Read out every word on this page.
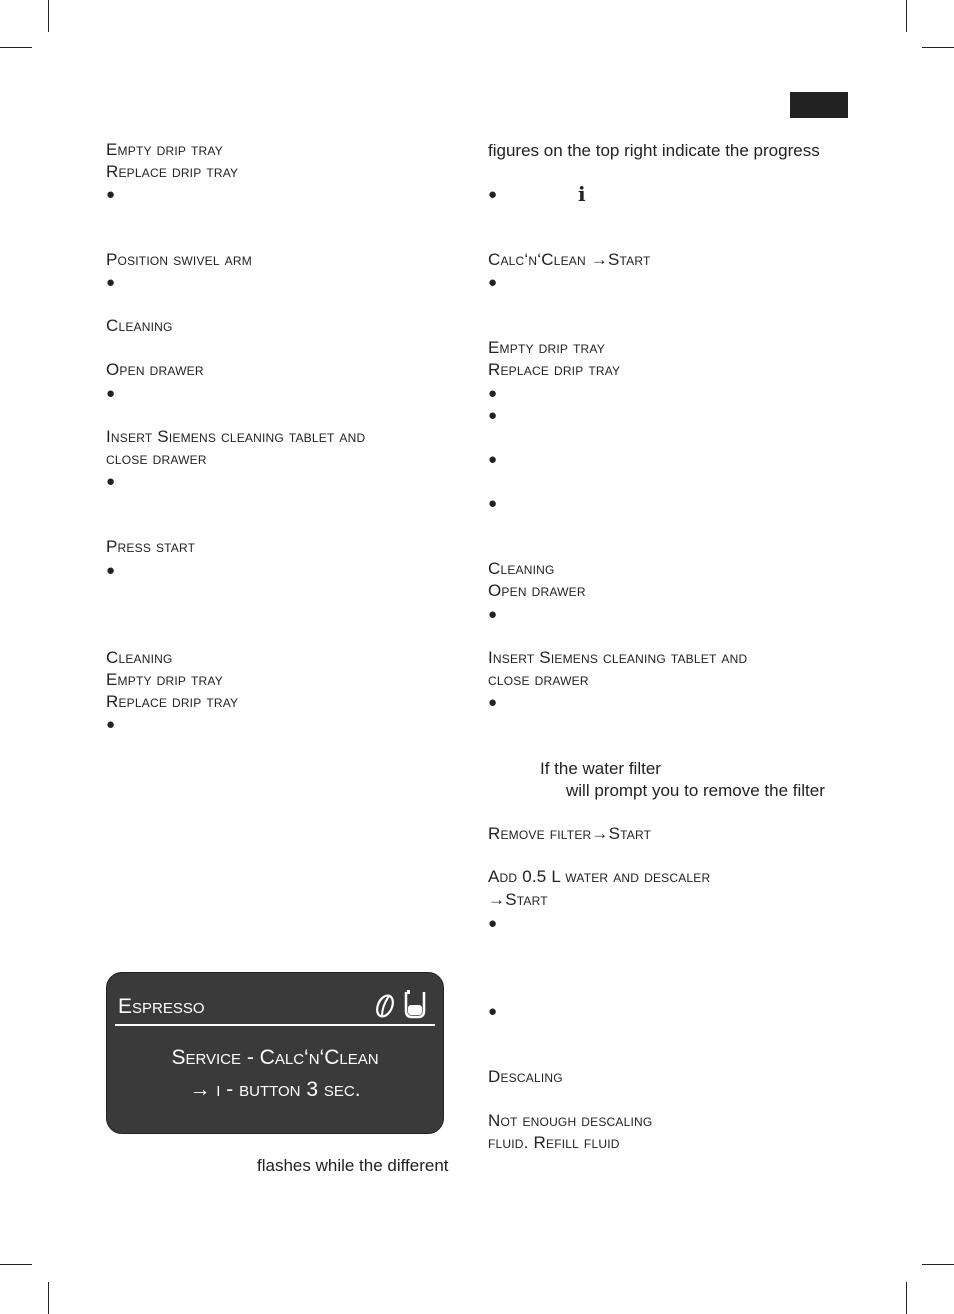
Empty drip tray
Replace drip tray
●
Position swivel arm
●
Cleaning
Open drawer
●
Insert Siemens cleaning tablet and
close drawer
●
Press start
●
Cleaning
Empty drip tray
Replace drip tray
●
Espresso
Service - Calc‘n‘Clean
→ i - button 3 sec.
flashes while the different
figures on the top right indicate the progress
●	i
Calc‘n‘Clean →Start
●
Empty drip tray
Replace drip tray
●
●
●
●
Cleaning
Open drawer
●
Insert Siemens cleaning tablet and
close drawer
●
If the water filter
will prompt you to remove the filter
Remove filter→Start
Add 0.5 L water and descaler
→Start
●
●
Descaling
Not enough descaling
fluid. Refill fluid
